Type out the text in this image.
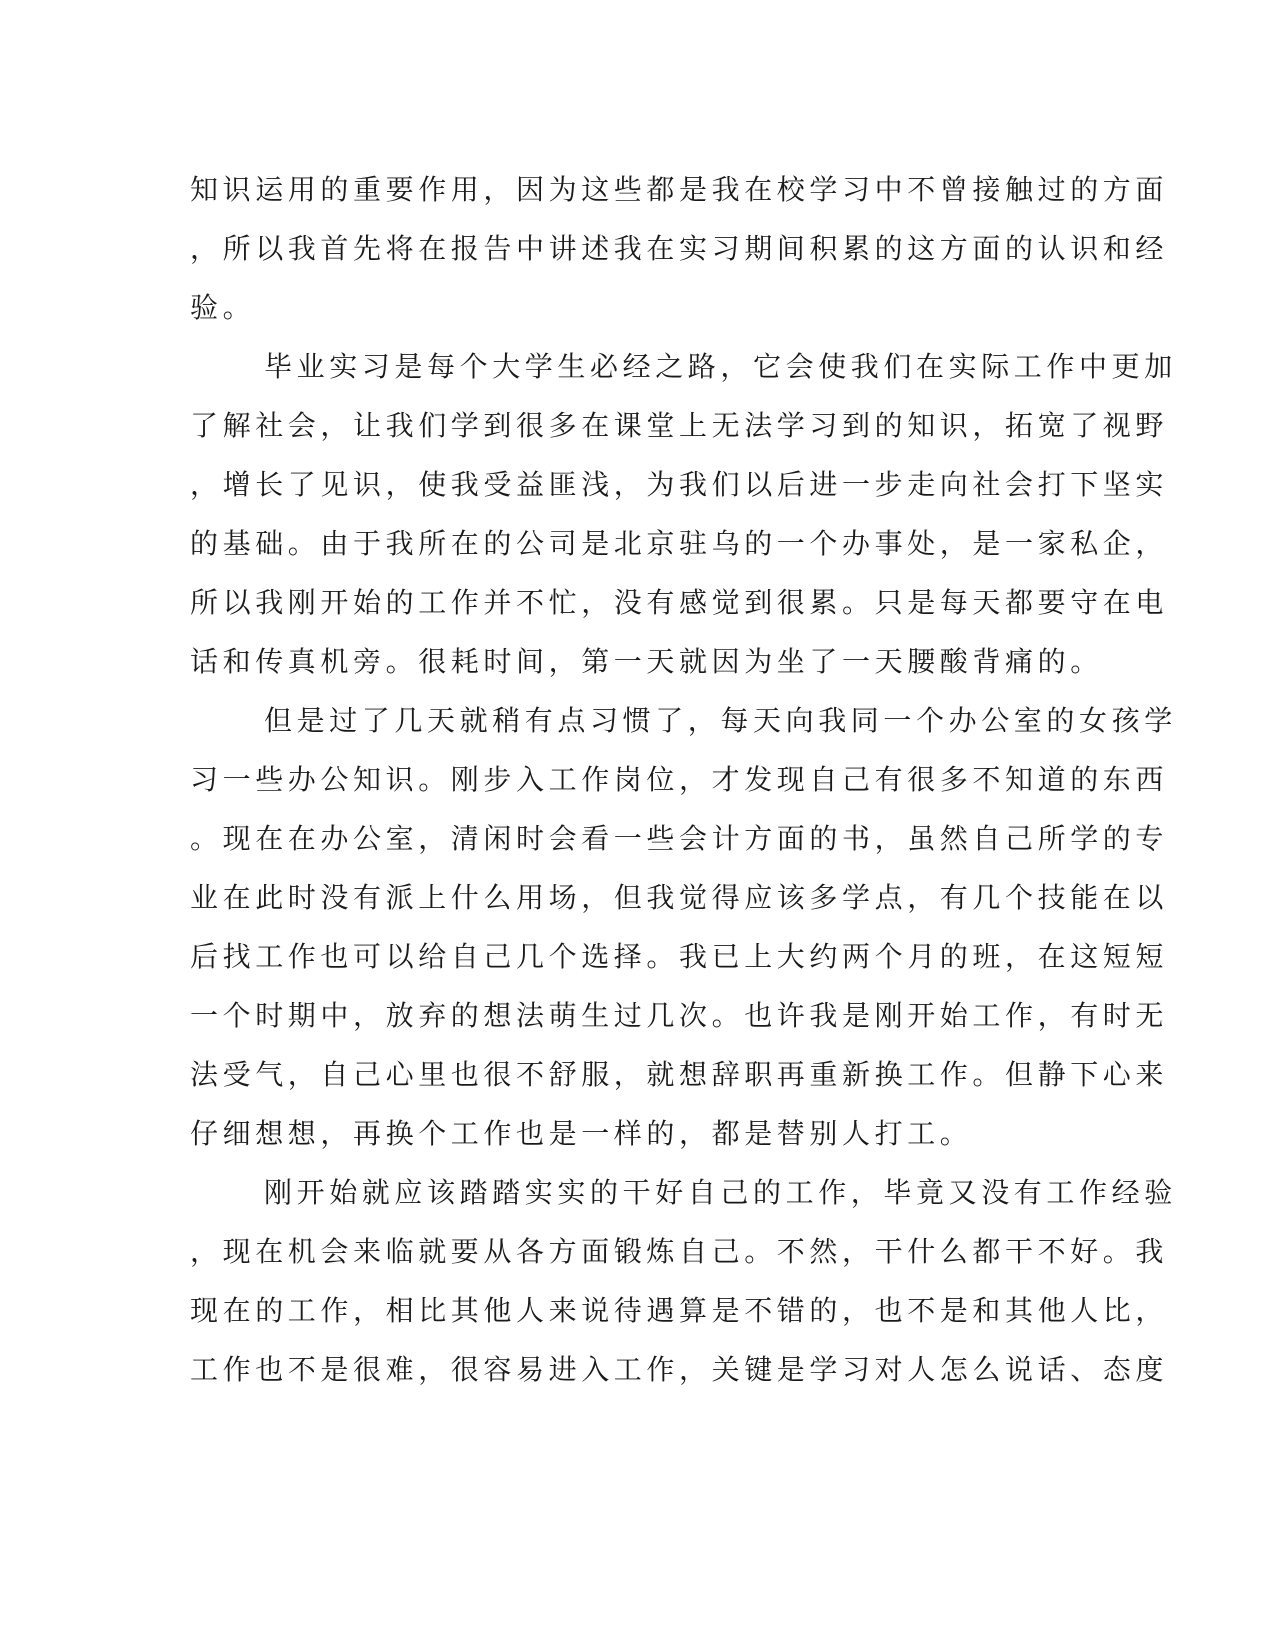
知识运用的重要作用，因为这些都是我在校学习中不曾接触过的方面
，所以我首先将在报告中讲述我在实习期间积累的这方面的认识和经
验。
毕业实习是每个大学生必经之路，它会使我们在实际工作中更加
了解社会，让我们学到很多在课堂上无法学习到的知识，拓宽了视野
，增长了见识，使我受益匪浅，为我们以后进一步走向社会打下坚实
的基础。由于我所在的公司是北京驻乌的一个办事处，是一家私企，
所以我刚开始的工作并不忙，没有感觉到很累。只是每天都要守在电
话和传真机旁。很耗时间，第一天就因为坐了一天腰酸背痛的。
但是过了几天就稍有点习惯了，每天向我同一个办公室的女孩学
习一些办公知识。刚步入工作岗位，才发现自己有很多不知道的东西
。现在在办公室，清闲时会看一些会计方面的书，虽然自己所学的专
业在此时没有派上什么用场，但我觉得应该多学点，有几个技能在以
后找工作也可以给自己几个选择。我已上大约两个月的班，在这短短
一个时期中，放弃的想法萌生过几次。也许我是刚开始工作，有时无
法受气，自己心里也很不舒服，就想辞职再重新换工作。但静下心来
仔细想想，再换个工作也是一样的，都是替别人打工。
刚开始就应该踏踏实实的干好自己的工作，毕竟又没有工作经验
，现在机会来临就要从各方面锻炼自己。不然，干什么都干不好。我
现在的工作，相比其他人来说待遇算是不错的，也不是和其他人比，
工作也不是很难，很容易进入工作，关键是学习对人怎么说话、态度
